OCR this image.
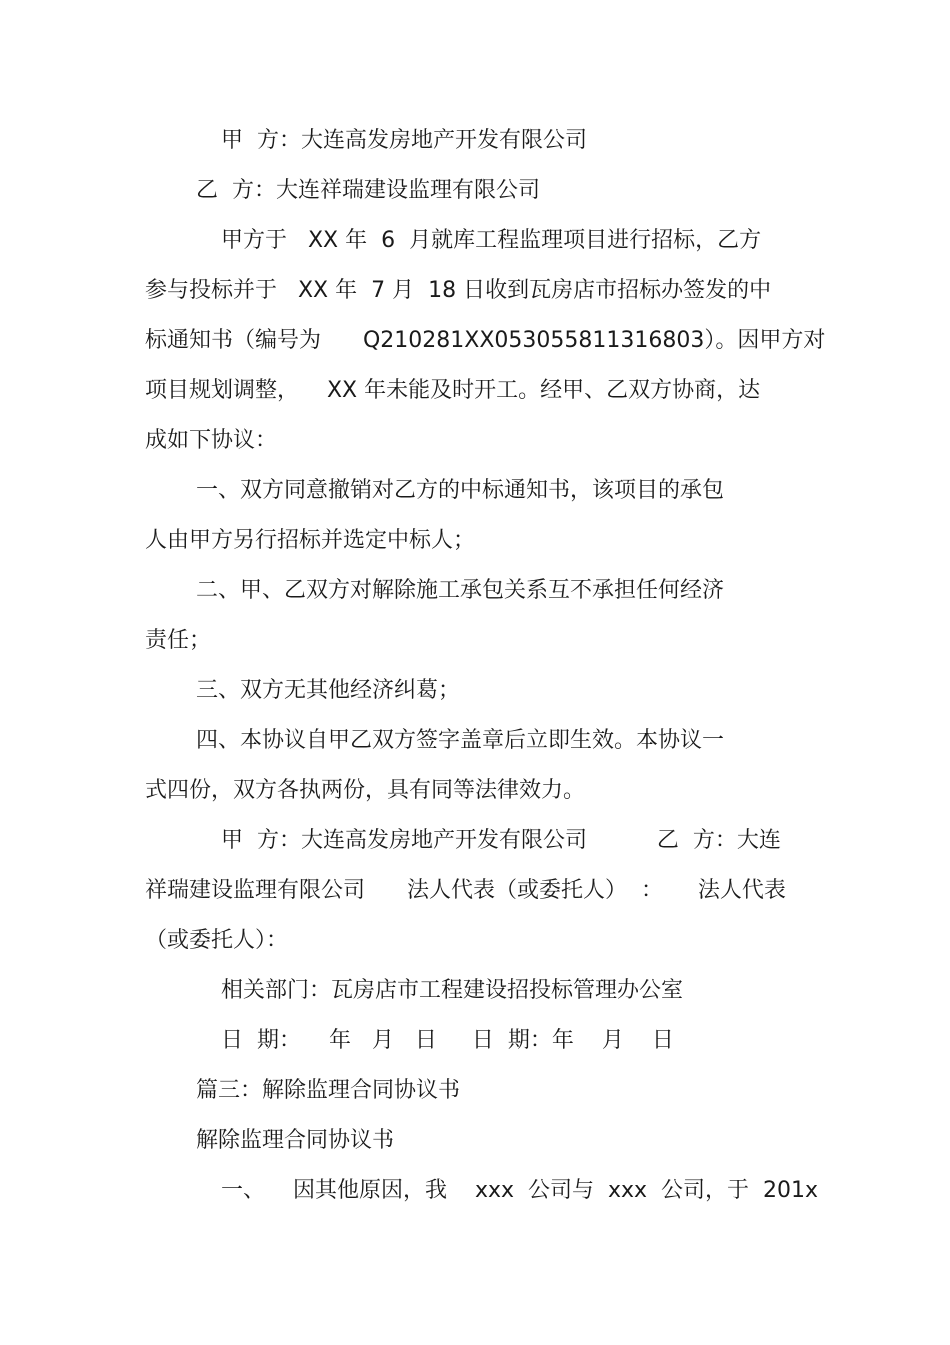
甲  方：大连高发房地产开发有限公司
乙  方：大连祥瑞建设监理有限公司
甲方于   XX 年  6  月就库工程监理项目进行招标，乙方
参与投标并于   XX 年  7 月  18 日收到瓦房店市招标办签发的中
标通知书（编号为      Q210281XX053055811316803）。因甲方对
项目规划调整，    XX 年未能及时开工。经甲、乙双方协商，达
成如下协议：
一、双方同意撤销对乙方的中标通知书，该项目的承包
人由甲方另行招标并选定中标人；
二、甲、乙双方对解除施工承包关系互不承担任何经济
责任；
三、双方无其他经济纠葛；
四、本协议自甲乙双方签字盖章后立即生效。本协议一
式四份，双方各执两份，具有同等法律效力。
甲  方：大连高发房地产开发有限公司          乙  方：大连
祥瑞建设监理有限公司      法人代表（或委托人）  ：     法人代表
（或委托人）：
相关部门：瓦房店市工程建设招投标管理办公室
日  期：    年   月   日     日  期：年    月    日
篇三：解除监理合同协议书
解除监理合同协议书
一、    因其他原因，我    xxx  公司与  xxx  公司，于  201x
